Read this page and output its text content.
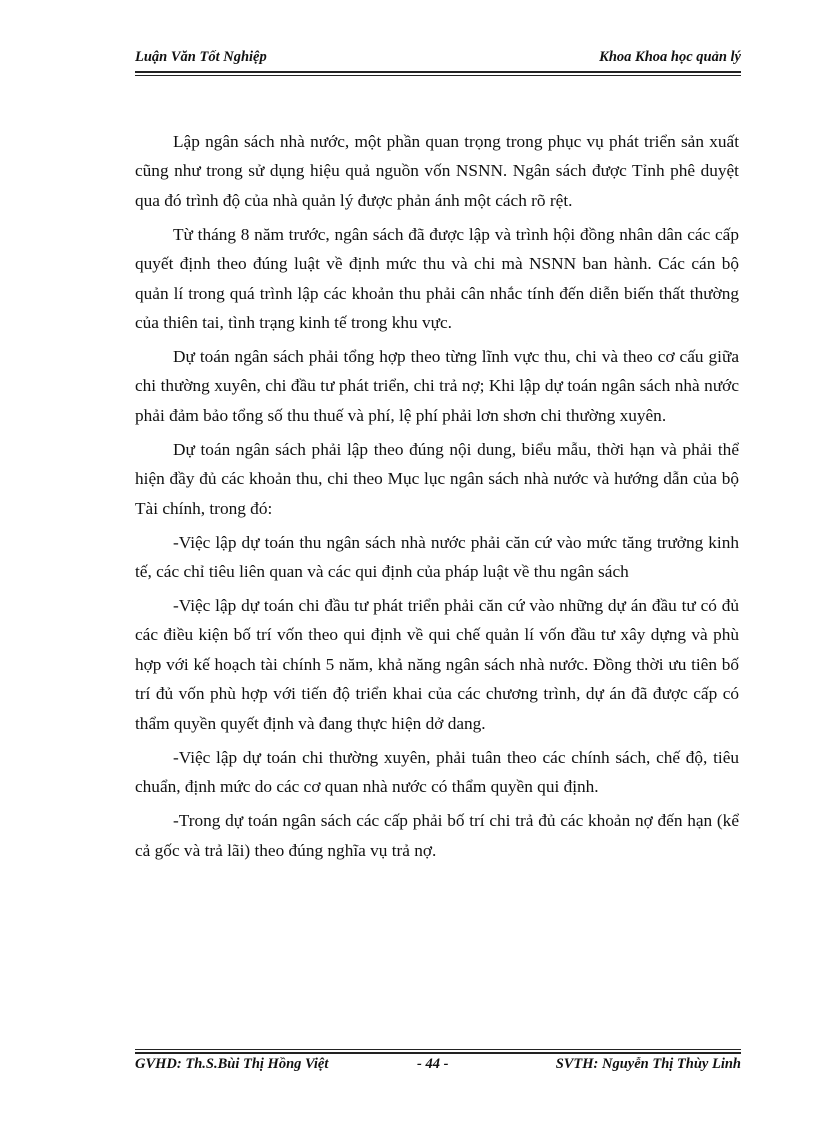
Luận Văn Tốt Nghiệp	Khoa Khoa học quản lý

Lập ngân sách nhà nước, một phần quan trọng trong phục vụ phát triển sản xuất cũng như trong sử dụng hiệu quả nguồn vốn NSNN. Ngân sách được Tỉnh phê duyệt qua đó trình độ của nhà quản lý được phản ánh một cách rõ rệt.

Từ tháng 8 năm trước, ngân sách đã được lập và trình hội đồng nhân dân các cấp quyết định theo đúng luật về định mức thu và chi mà NSNN ban hành. Các cán bộ quản lí trong quá trình lập các khoản thu phải cân nhắc tính đến diễn biến thất thường của thiên tai, tình trạng kinh tế trong khu vực.

Dự toán ngân sách phải tổng hợp theo từng lĩnh vực thu, chi và theo cơ cấu giữa chi thường xuyên, chi đầu tư phát triển, chi trả nợ; Khi lập dự toán ngân sách nhà nước phải đảm bảo tổng số thu thuế và phí, lệ phí phải lơn shơn chi thường xuyên.

Dự toán ngân sách phải lập theo đúng nội dung, biểu mẫu, thời hạn và phải thể hiện đầy đủ các khoản thu, chi theo Mục lục ngân sách nhà nước và hướng dẫn của bộ Tài chính, trong đó:

-Việc lập dự toán thu ngân sách nhà nước phải căn cứ vào mức tăng trưởng kinh tế, các chỉ tiêu liên quan và các qui định của pháp luật về thu ngân sách

-Việc lập dự toán chi đầu tư phát triển phải căn cứ vào những dự án đầu tư có đủ các điều kiện bố trí vốn theo qui định về qui chế quản lí vốn đầu tư xây dựng và phù hợp với kế hoạch tài chính 5 năm, khả năng ngân sách nhà nước. Đồng thời ưu tiên bố trí đủ vốn phù hợp với tiến độ triển khai của các chương trình, dự án đã được cấp có thẩm quyền quyết định và đang thực hiện dở dang.

-Việc lập dự toán chi thường xuyên, phải tuân theo các chính sách, chế độ, tiêu chuẩn, định mức do các cơ quan nhà nước có thẩm quyền qui định.

-Trong dự toán ngân sách các cấp phải bố trí chi trả đủ các khoản nợ đến hạn (kể cả gốc và trả lãi) theo đúng nghĩa vụ trả nợ.

GVHD: Th.S.Bùi Thị Hồng Việt	- 44 -	SVTH: Nguyễn Thị Thùy Linh
